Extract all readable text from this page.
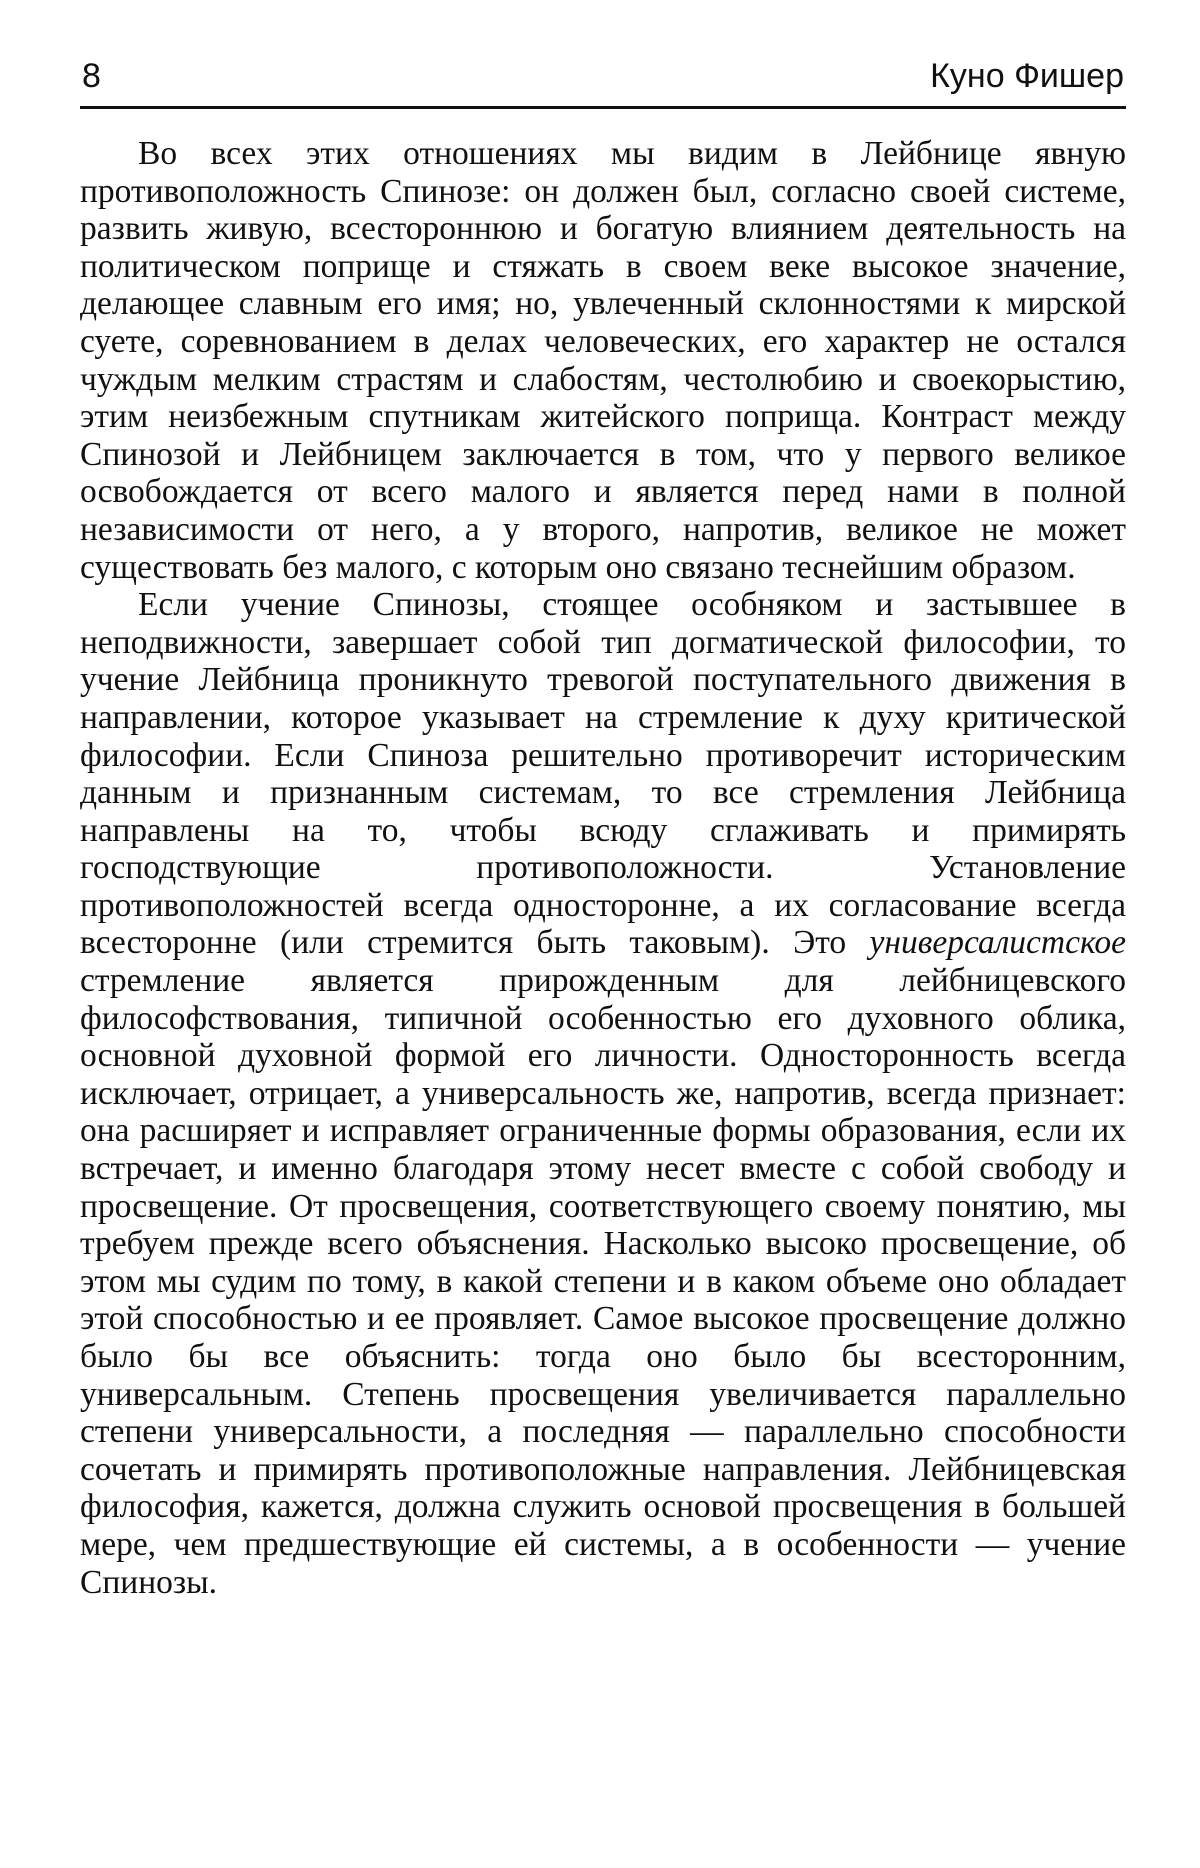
8	Куно Фишер

Во всех этих отношениях мы видим в Лейбнице явную противоположность Спинозе: он должен был, согласно своей системе, развить живую, всестороннюю и богатую влиянием деятельность на политическом поприще и стяжать в своем веке высокое значение, делающее славным его имя; но, увлеченный склонностями к мирской суете, соревнованием в делах человеческих, его характер не остался чуждым мелким страстям и слабостям, честолюбию и своекорыстию, этим неизбежным спутникам житейского поприща. Контраст между Спинозой и Лейбницем заключается в том, что у первого великое освобождается от всего малого и является перед нами в полной независимости от него, а у второго, напротив, великое не может существовать без малого, с которым оно связано теснейшим образом.

Если учение Спинозы, стоящее особняком и застывшее в неподвижности, завершает собой тип догматической философии, то учение Лейбница проникнуто тревогой поступательного движения в направлении, которое указывает на стремление к духу критической философии. Если Спиноза решительно противоречит историческим данным и признанным системам, то все стремления Лейбница направлены на то, чтобы всюду сглаживать и примирять господствующие противоположности. Установление противоположностей всегда односторонне, а их согласование всегда всесторонне (или стремится быть таковым). Это универсалистское стремление является прирожденным для лейбницевского философствования, типичной особенностью его духовного облика, основной духовной формой его личности. Односторонность всегда исключает, отрицает, а универсальность же, напротив, всегда признает: она расширяет и исправляет ограниченные формы образования, если их встречает, и именно благодаря этому несет вместе с собой свободу и просвещение. От просвещения, соответствующего своему понятию, мы требуем прежде всего объяснения. Насколько высоко просвещение, об этом мы судим по тому, в какой степени и в каком объеме оно обладает этой способностью и ее проявляет. Самое высокое просвещение должно было бы все объяснить: тогда оно было бы всесторонним, универсальным. Степень просвещения увеличивается параллельно степени универсальности, а последняя — параллельно способности сочетать и примирять противоположные направления. Лейбницевская философия, кажется, должна служить основой просвещения в большей мере, чем предшествующие ей системы, а в особенности — учение Спинозы.
